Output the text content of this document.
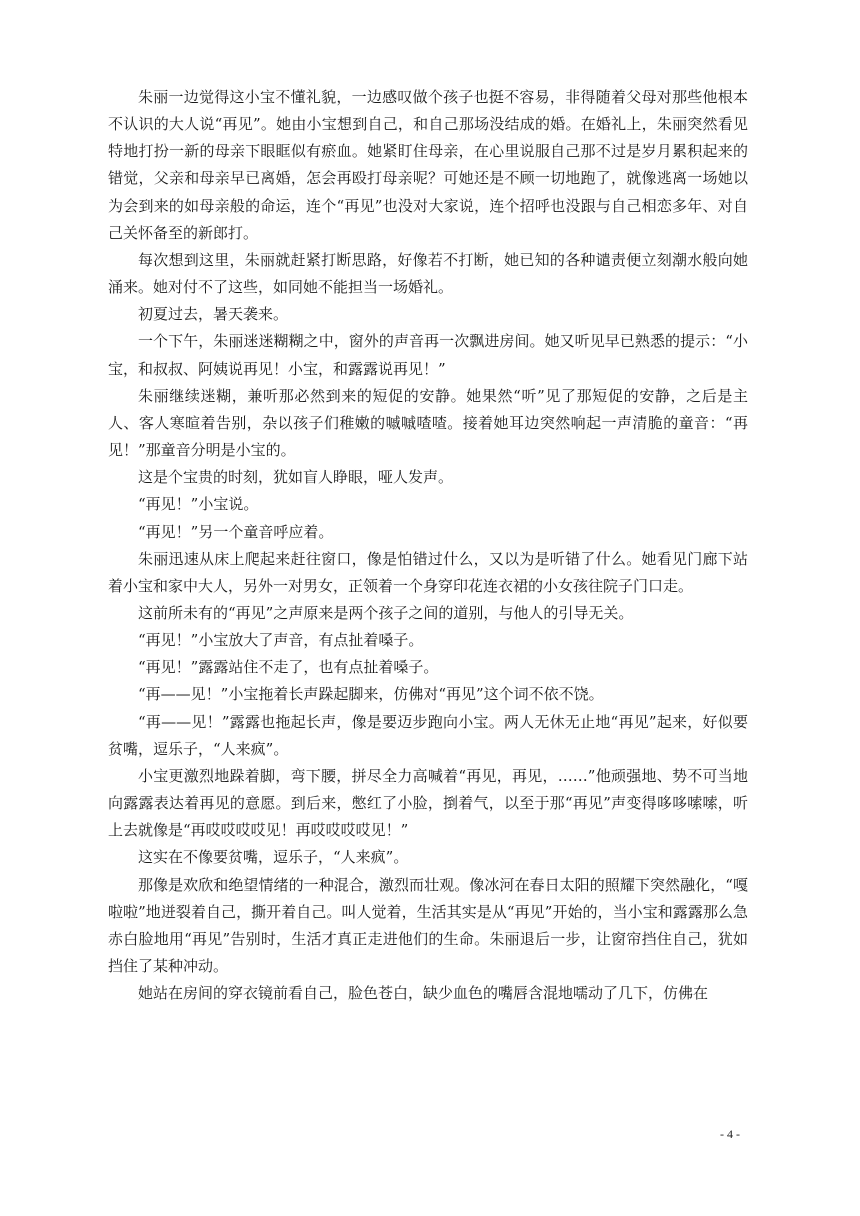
朱丽一边觉得这小宝不懂礼貌，一边感叹做个孩子也挺不容易，非得随着父母对那些他根本不认识的大人说“再见”。她由小宝想到自己，和自己那场没结成的婚。在婚礼上，朱丽突然看见特地打扮一新的母亲下眼眶似有瘀血。她紧盯住母亲，在心里说服自己那不过是岁月累积起来的错觉，父亲和母亲早已离婚，怎会再殴打母亲呢？可她还是不顾一切地跑了，就像逃离一场她以为会到来的如母亲般的命运，连个“再见”也没对大家说，连个招呼也没跟与自己相恋多年、对自己关怀备至的新郎打。

每次想到这里，朱丽就赶紧打断思路，好像若不打断，她已知的各种谴责便立刻潮水般向她涌来。她对付不了这些，如同她不能担当一场婚礼。

初夏过去，暑天袭来。

一个下午，朱丽迷迷糊糊之中，窗外的声音再一次飘进房间。她又听见早已熟悉的提示：“小宝，和叔叔、阿姨说再见！小宝，和露露说再见！”

朱丽继续迷糊，兼听那必然到来的短促的安静。她果然“听”见了那短促的安静，之后是主人、客人寒暄着告别，杂以孩子们稚嫩的嘁嘁喳喳。接着她耳边突然响起一声清脆的童音：“再见！”那童音分明是小宝的。

这是个宝贵的时刻，犹如盲人睁眼，哑人发声。

“再见！”小宝说。

“再见！”另一个童音呼应着。

朱丽迅速从床上爬起来赶往窗口，像是怕错过什么，又以为是听错了什么。她看见门廊下站着小宝和家中大人，另外一对男女，正领着一个身穿印花连衣裙的小女孩往院子门口走。

这前所未有的“再见”之声原来是两个孩子之间的道别，与他人的引导无关。

“再见！”小宝放大了声音，有点扯着嗓子。

“再见！”露露站住不走了，也有点扯着嗓子。

“再——见！”小宝拖着长声跺起脚来，仿佛对“再见”这个词不依不饶。

“再——见！”露露也拖起长声，像是要迈步跑向小宝。两人无休无止地“再见”起来，好似要贫嘴，逗乐子，“人来疯”。

小宝更激烈地跺着脚，弯下腰，拼尽全力高喊着“再见，再见，……”他顽强地、势不可当地向露露表达着再见的意愿。到后来，憋红了小脸，捯着气，以至于那“再见”声变得哆哆嗦嗦，听上去就像是“再哎哎哎哎见！再哎哎哎哎见！”

这实在不像要贫嘴，逗乐子，“人来疯”。

那像是欢欣和绝望情绪的一种混合，激烈而壮观。像冰河在春日太阳的照耀下突然融化，“嘎啦啦”地迸裂着自己，撕开着自己。叫人觉着，生活其实是从“再见”开始的，当小宝和露露那么急赤白脸地用“再见”告别时，生活才真正走进他们的生命。朱丽退后一步，让窗帘挡住自己，犹如挡住了某种冲动。

她站在房间的穿衣镜前看自己，脸色苍白，缺少血色的嘴唇含混地嚅动了几下，仿佛在

- 4 -
